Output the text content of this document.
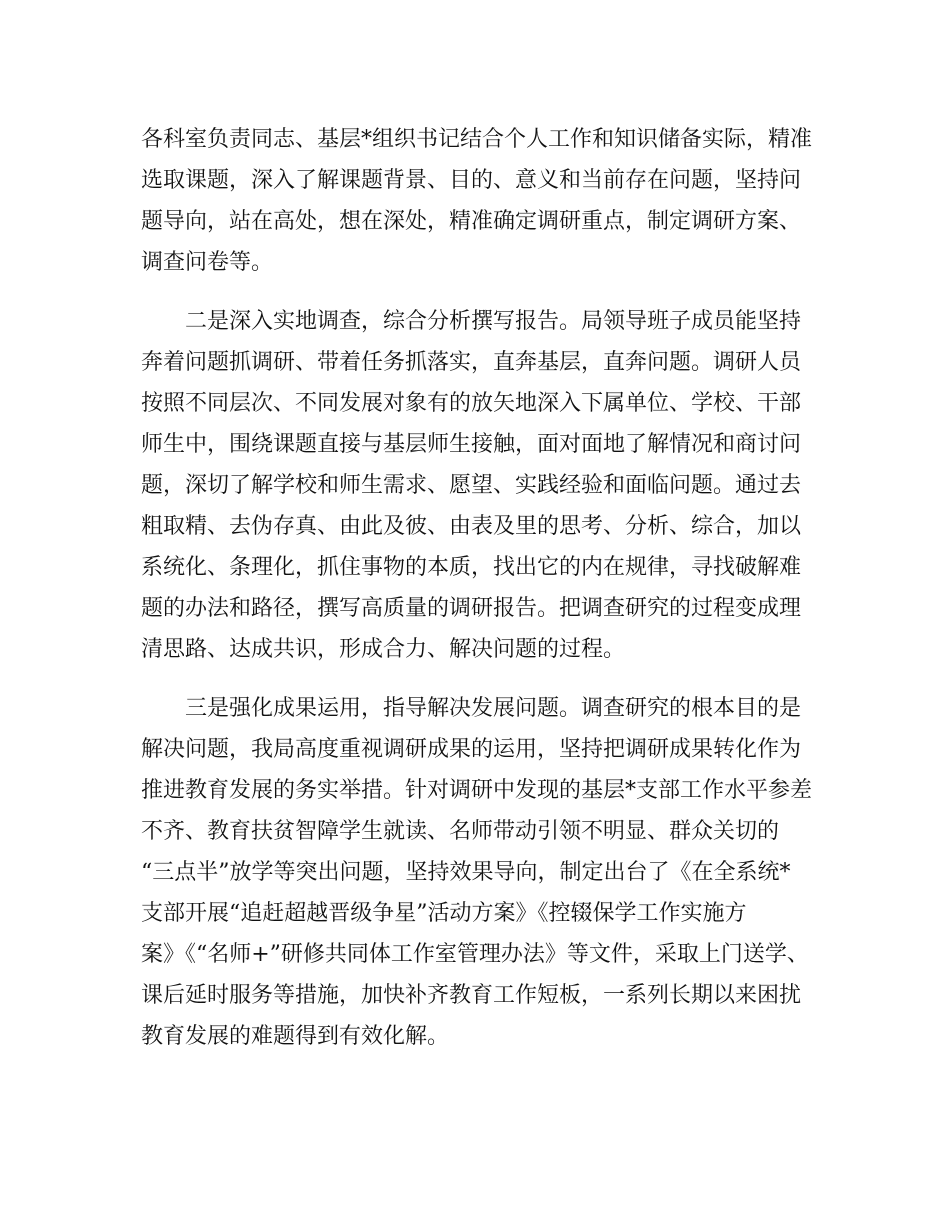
各科室负责同志、基层*组织书记结合个人工作和知识储备实际，精准
选取课题，深入了解课题背景、目的、意义和当前存在问题，坚持问
题导向，站在高处，想在深处，精准确定调研重点，制定调研方案、
调查问卷等。
二是深入实地调查，综合分析撰写报告。局领导班子成员能坚持
奔着问题抓调研、带着任务抓落实，直奔基层，直奔问题。调研人员
按照不同层次、不同发展对象有的放矢地深入下属单位、学校、干部
师生中，围绕课题直接与基层师生接触，面对面地了解情况和商讨问
题，深切了解学校和师生需求、愿望、实践经验和面临问题。通过去
粗取精、去伪存真、由此及彼、由表及里的思考、分析、综合，加以
系统化、条理化，抓住事物的本质，找出它的内在规律，寻找破解难
题的办法和路径，撰写高质量的调研报告。把调查研究的过程变成理
清思路、达成共识，形成合力、解决问题的过程。
三是强化成果运用，指导解决发展问题。调查研究的根本目的是
解决问题，我局高度重视调研成果的运用，坚持把调研成果转化作为
推进教育发展的务实举措。针对调研中发现的基层*支部工作水平参差
不齐、教育扶贫智障学生就读、名师带动引领不明显、群众关切的
“三点半”放学等突出问题，坚持效果导向，制定出台了《在全系统*
支部开展“追赶超越晋级争星”活动方案》《控辍保学工作实施方
案》《“名师+”研修共同体工作室管理办法》等文件，采取上门送学、
课后延时服务等措施，加快补齐教育工作短板，一系列长期以来困扰
教育发展的难题得到有效化解。
